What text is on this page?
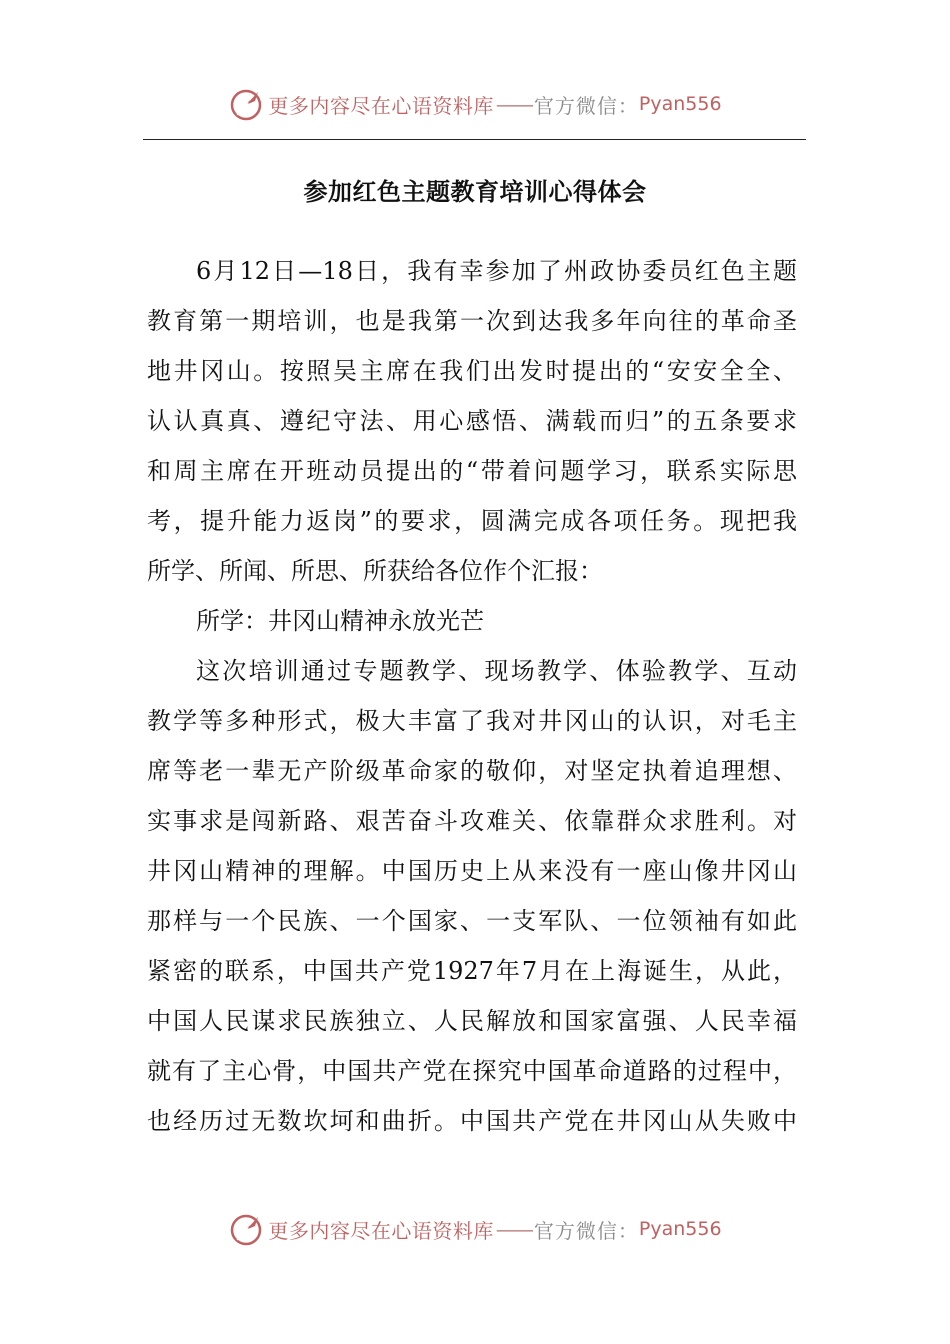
更多内容尽在心语资料库 —— 官方微信： Pyan556
参加红色主题教育培训心得体会
6月12日—18日，我有幸参加了州政协委员红色主题
教育第一期培训，也是我第一次到达我多年向往的革命圣
地井冈山。按照吴主席在我们出发时提出的“安安全全、
认认真真、遵纪守法、用心感悟、满载而归”的五条要求
和周主席在开班动员提出的“带着问题学习，联系实际思
考，提升能力返岗”的要求，圆满完成各项任务。现把我
所学、所闻、所思、所获给各位作个汇报：
所学：井冈山精神永放光芒
这次培训通过专题教学、现场教学、体验教学、互动
教学等多种形式，极大丰富了我对井冈山的认识，对毛主
席等老一辈无产阶级革命家的敬仰，对坚定执着追理想、
实事求是闯新路、艰苦奋斗攻难关、依靠群众求胜利。对
井冈山精神的理解。中国历史上从来没有一座山像井冈山
那样与一个民族、一个国家、一支军队、一位领袖有如此
紧密的联系，中国共产党1927年7月在上海诞生，从此，
中国人民谋求民族独立、人民解放和国家富强、人民幸福
就有了主心骨，中国共产党在探究中国革命道路的过程中，
也经历过无数坎坷和曲折。中国共产党在井冈山从失败中
更多内容尽在心语资料库 —— 官方微信： Pyan556
